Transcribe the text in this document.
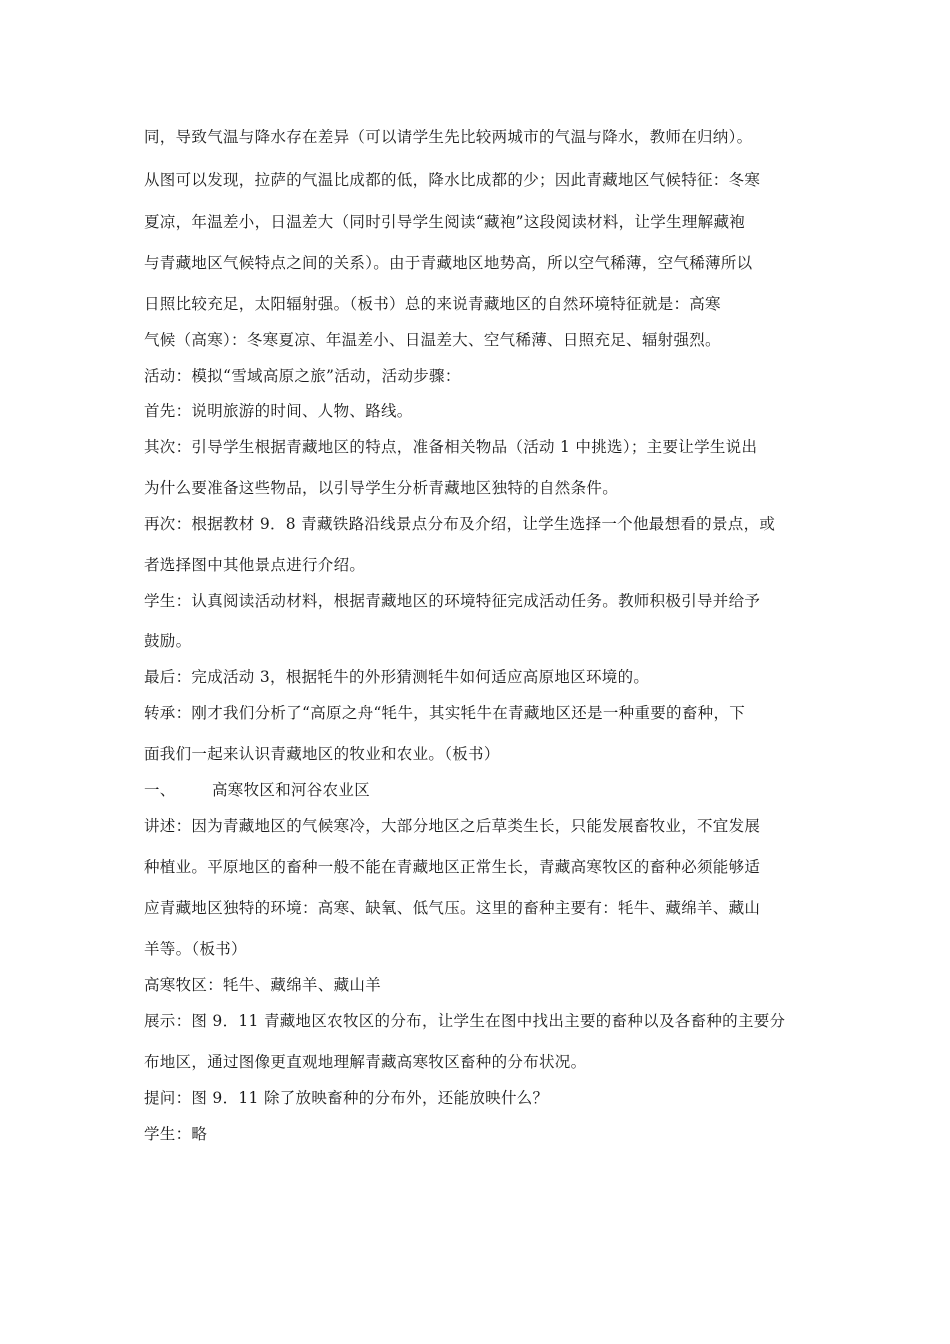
同，导致气温与降水存在差异（可以请学生先比较两城市的气温与降水，教师在归纳）。
从图可以发现，拉萨的气温比成都的低，降水比成都的少；因此青藏地区气候特征：冬寒
夏凉，年温差小，日温差大（同时引导学生阅读“藏袍”这段阅读材料，让学生理解藏袍
与青藏地区气候特点之间的关系）。由于青藏地区地势高，所以空气稀薄，空气稀薄所以
日照比较充足，太阳辐射强。（板书）总的来说青藏地区的自然环境特征就是：高寒
气候（高寒）：冬寒夏凉、年温差小、日温差大、空气稀薄、日照充足、辐射强烈。
活动：模拟“雪域高原之旅”活动，活动步骤：
首先：说明旅游的时间、人物、路线。
其次：引导学生根据青藏地区的特点，准备相关物品（活动 1 中挑选）；主要让学生说出
为什么要准备这些物品，以引导学生分析青藏地区独特的自然条件。
再次：根据教材 9．8 青藏铁路沿线景点分布及介绍，让学生选择一个他最想看的景点，或
者选择图中其他景点进行介绍。
学生：认真阅读活动材料，根据青藏地区的环境特征完成活动任务。教师积极引导并给予
鼓励。
最后：完成活动 3，根据牦牛的外形猜测牦牛如何适应高原地区环境的。
转承：刚才我们分析了“高原之舟“牦牛，其实牦牛在青藏地区还是一种重要的畜种，下
面我们一起来认识青藏地区的牧业和农业。（板书）
一、 高寒牧区和河谷农业区
讲述：因为青藏地区的气候寒冷，大部分地区之后草类生长，只能发展畜牧业，不宜发展
种植业。平原地区的畜种一般不能在青藏地区正常生长，青藏高寒牧区的畜种必须能够适
应青藏地区独特的环境：高寒、缺氧、低气压。这里的畜种主要有：牦牛、藏绵羊、藏山
羊等。（板书）
高寒牧区：牦牛、藏绵羊、藏山羊
展示：图 9．11 青藏地区农牧区的分布，让学生在图中找出主要的畜种以及各畜种的主要分
布地区，通过图像更直观地理解青藏高寒牧区畜种的分布状况。
提问：图 9．11 除了放映畜种的分布外，还能放映什么？
学生：略
